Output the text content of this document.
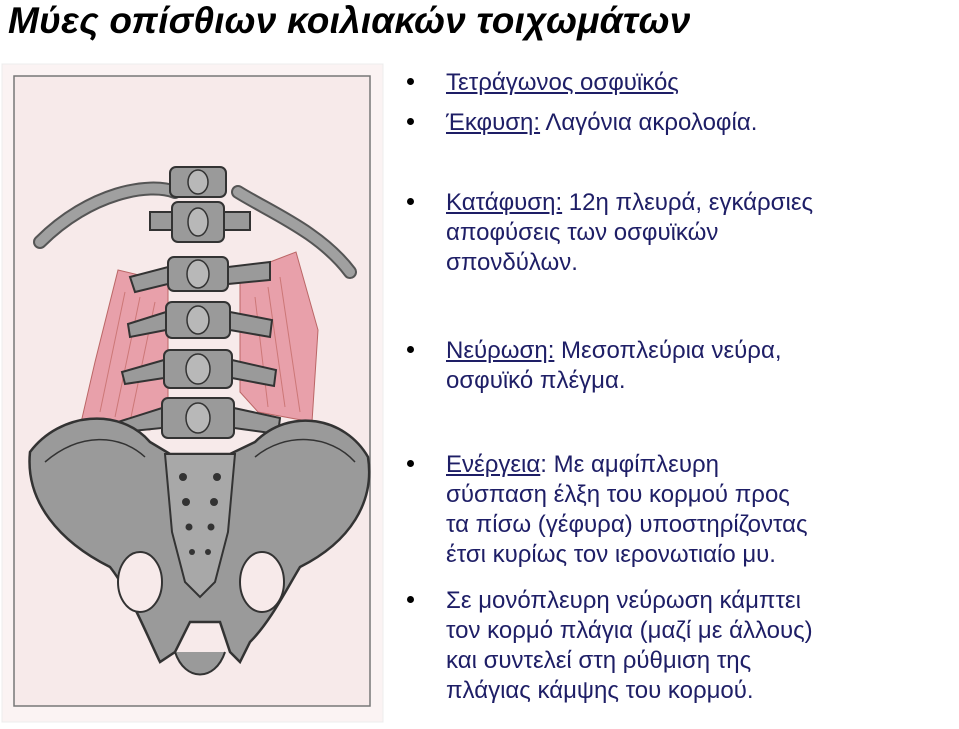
Μύες οπίσθιων κοιλιακών τοιχωμάτων
Τετράγωνος οσφυϊκός
Έκφυση: Λαγόνια ακρολοφία.
Κατάφυση: 12η πλευρά, εγκάρσιες
αποφύσεις των οσφυϊκών
σπονδύλων.
Νεύρωση: Μεσοπλεύρια νεύρα,
οσφυϊκό πλέγμα.
Ενέργεια: Με αμφίπλευρη
σύσπαση έλξη του κορμού προς
τα πίσω (γέφυρα) υποστηρίζοντας
έτσι κυρίως τον ιερονωτιαίο μυ.
Σε μονόπλευρη νεύρωση κάμπτει
τον κορμό πλάγια (μαζί με άλλους)
και συντελεί στη ρύθμιση της
πλάγιας κάμψης του κορμού.
